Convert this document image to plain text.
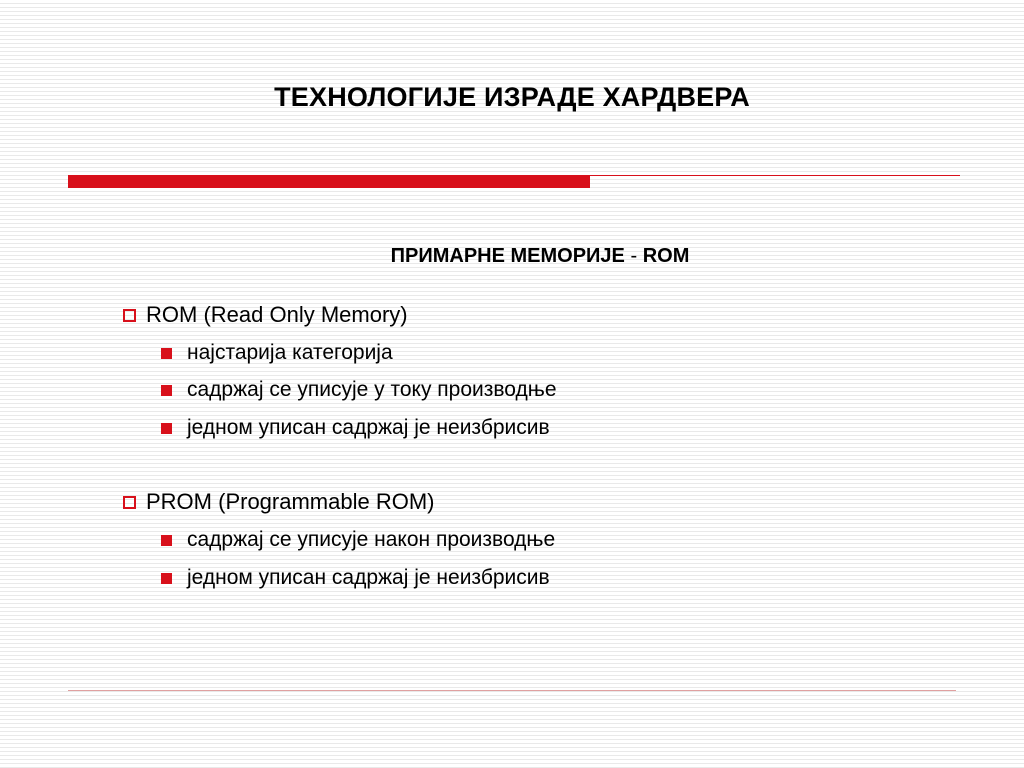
ТЕХНОЛОГИЈЕ ИЗРАДЕ ХАРДВЕРА
ПРИМАРНЕ МЕМОРИЈЕ - ROM
ROM (Read Only Memory)
најстарија категорија
садржај се уписује у току производње
једном уписан садржај је неизбрисив
PROM (Programmable ROM)
садржај се уписује након производње
једном уписан садржај је неизбрисив
